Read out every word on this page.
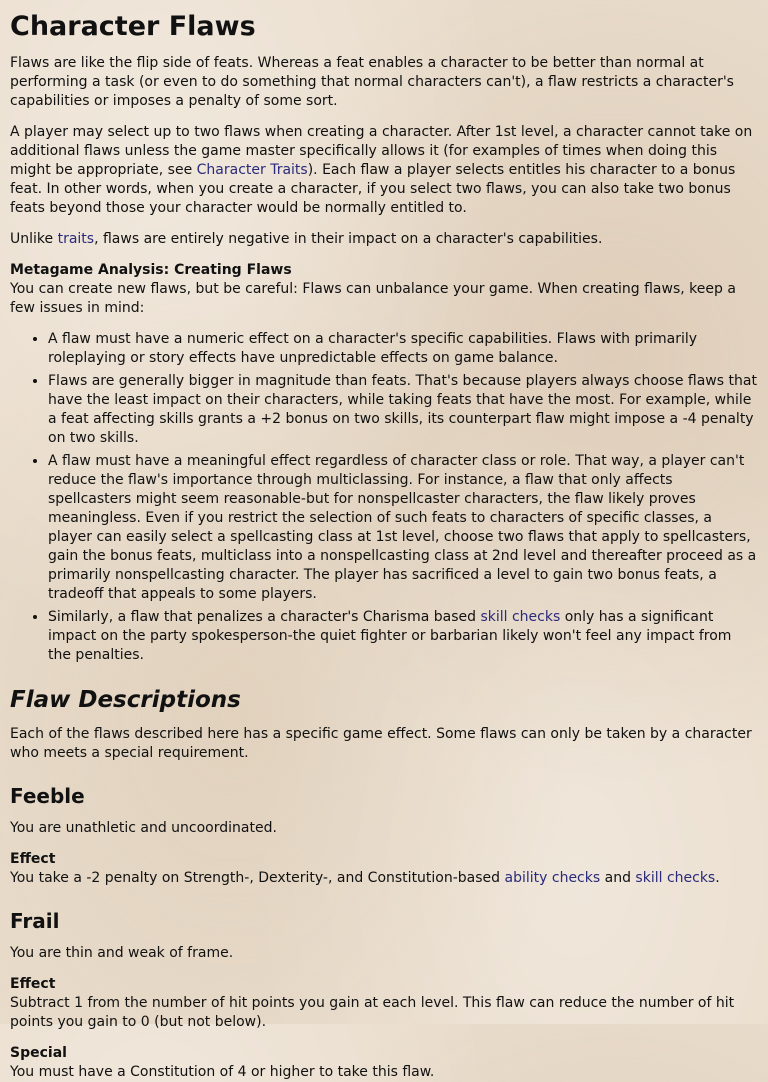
Character Flaws

Flaws are like the flip side of feats. Whereas a feat enables a character to be better than normal at performing a task (or even to do something that normal characters can't), a flaw restricts a character's capabilities or imposes a penalty of some sort.

A player may select up to two flaws when creating a character. After 1st level, a character cannot take on additional flaws unless the game master specifically allows it (for examples of times when doing this might be appropriate, see Character Traits). Each flaw a player selects entitles his character to a bonus feat. In other words, when you create a character, if you select two flaws, you can also take two bonus feats beyond those your character would be normally entitled to.

Unlike traits, flaws are entirely negative in their impact on a character's capabilities.

Metagame Analysis: Creating Flaws
You can create new flaws, but be careful: Flaws can unbalance your game. When creating flaws, keep a few issues in mind:
• A flaw must have a numeric effect on a character's specific capabilities. Flaws with primarily roleplaying or story effects have unpredictable effects on game balance.
• Flaws are generally bigger in magnitude than feats. That's because players always choose flaws that have the least impact on their characters, while taking feats that have the most. For example, while a feat affecting skills grants a +2 bonus on two skills, its counterpart flaw might impose a -4 penalty on two skills.
• A flaw must have a meaningful effect regardless of character class or role. That way, a player can't reduce the flaw's importance through multiclassing. For instance, a flaw that only affects spellcasters might seem reasonable-but for nonspellcaster characters, the flaw likely proves meaningless. Even if you restrict the selection of such feats to characters of specific classes, a player can easily select a spellcasting class at 1st level, choose two flaws that apply to spellcasters, gain the bonus feats, multiclass into a nonspellcasting class at 2nd level and thereafter proceed as a primarily nonspellcasting character. The player has sacrificed a level to gain two bonus feats, a tradeoff that appeals to some players.
• Similarly, a flaw that penalizes a character's Charisma based skill checks only has a significant impact on the party spokesperson-the quiet fighter or barbarian likely won't feel any impact from the penalties.
Flaw Descriptions

Each of the flaws described here has a specific game effect. Some flaws can only be taken by a character who meets a special requirement.

Feeble

You are unathletic and uncoordinated.

Effect
You take a -2 penalty on Strength-, Dexterity-, and Constitution-based ability checks and skill checks.
Frail

You are thin and weak of frame.

Effect
Subtract 1 from the number of hit points you gain at each level. This flaw can reduce the number of hit points you gain to 0 (but not below).
Special
You must have a Constitution of 4 or higher to take this flaw.
